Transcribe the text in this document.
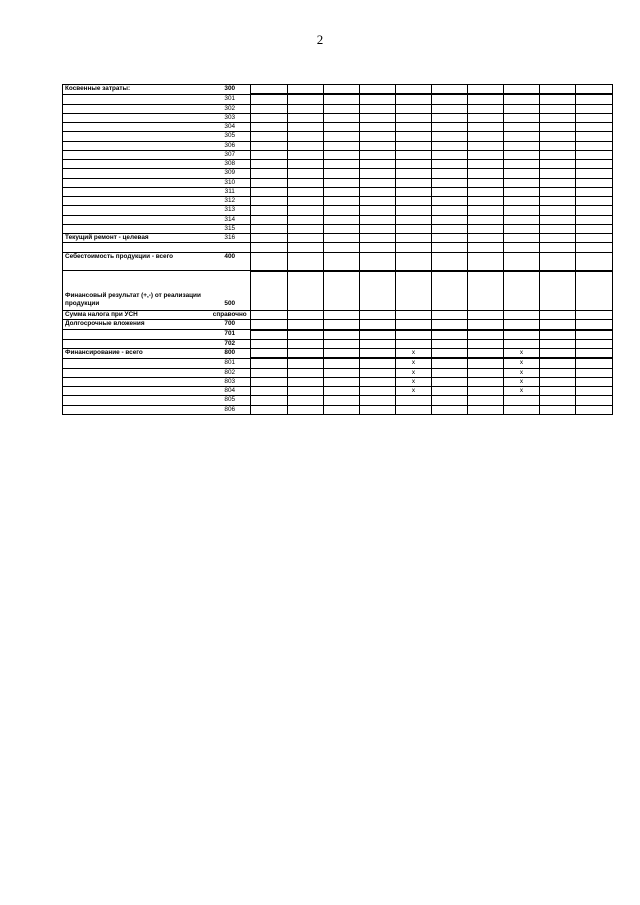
2
Косвенные затраты:	300										
	301										
	302										
	303										
	304										
	305										
	306										
	307										
	308										
	309										
	310										
	311										
	312										
	313										
	314										
	315										
Текущий ремонт - целевая	316										

Себестоимость продукции - всего	400										
Финансовый результат (+,-) от реализации продукции	500										
Сумма налога при УСН	справочно										
Долгосрочные вложения	700										
	701										
	702										
Финансирование - всего	800					x			x		
	801					x			x		
	802					x			x		
	803					x			x		
	804					x			x		
	805										
	806										
